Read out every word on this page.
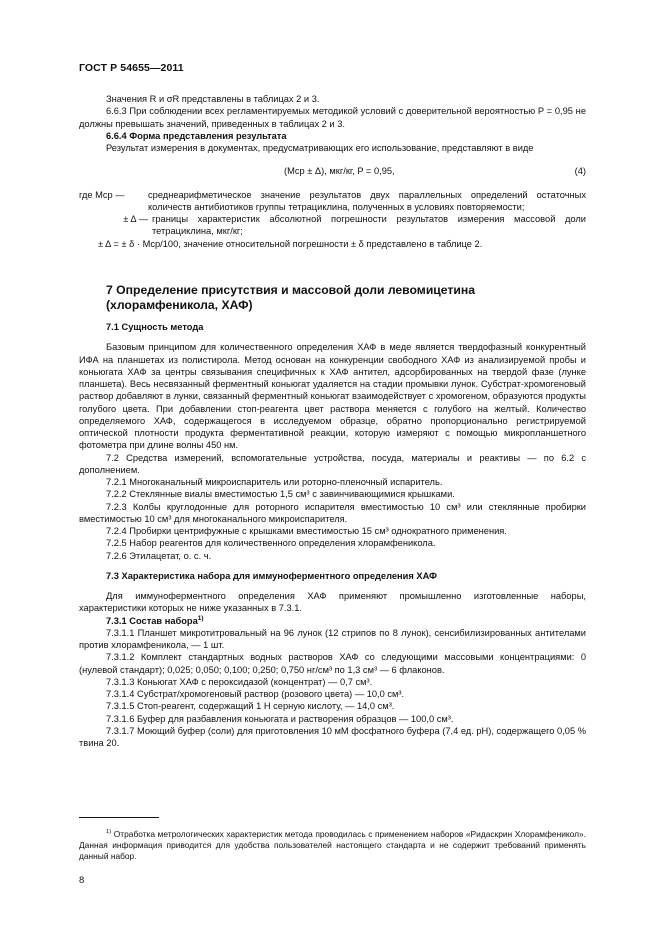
ГОСТ Р 54655—2011

Значения R и σR представлены в таблицах 2 и 3.

6.6.3 При соблюдении всех регламентируемых методикой условий с доверительной вероятностью P = 0,95 не должны превышать значений, приведенных в таблицах 2 и 3.

6.6.4 Форма представления результата

Результат измерения в документах, предусматривающих его использование, представляют в виде

(Mср ± Δ), мкг/кг, P = 0,95,	(4)
где Mср —	среднеарифметическое значение результатов двух параллельных определений остаточных количеств антибиотиков группы тетрациклина, полученных в условиях повторяемости;
± Δ — границы характеристик абсолютной погрешности результатов измерения массовой доли тетрациклина, мкг/кг;

± Δ = ± δ · Mср/100, значение относительной погрешности ± δ представлено в таблице 2.

7 Определение присутствия и массовой доли левомицетина

(хлорамфеникола, ХАФ)

7.1 Сущность метода

Базовым принципом для количественного определения ХАФ в меде является твердофазный конкурентный ИФА на планшетах из полистирола. Метод основан на конкуренции свободного ХАФ из анализируемой пробы и коньюгата ХАФ за центры связывания специфичных к ХАФ антител, адсорбированных на твердой фазе (лунке планшета). Весь несвязанный ферментный коньюгат удаляется на стадии промывки лунок. Субстрат-хромогеновый раствор добавляют в лунки, связанный ферментный коньюгат взаимодействует с хромогеном, образуются продукты голубого цвета. При добавлении стоп-реагента цвет раствора меняется с голубого на желтый. Количество определяемого ХАФ, содержащегося в исследуемом образце, обратно пропорционально регистрируемой оптической плотности продукта ферментативной реакции, которую измеряют с помощью микропланшетного фотометра при длине волны 450 нм.

7.2 Средства измерений, вспомогательные устройства, посуда, материалы и реактивы — по 6.2 с дополнением.

7.2.1 Многоканальный микроиспаритель или роторно-пленочный испаритель.

7.2.2 Стеклянные виалы вместимостью 1,5 см³ с завинчивающимися крышками.

7.2.3 Колбы круглодонные для роторного испарителя вместимостью 10 см³ или стеклянные пробирки вместимостью 10 см³ для многоканального микроиспарителя.

7.2.4 Пробирки центрифужные с крышками вместимостью 15 см³ однократного применения.

7.2.5 Набор реагентов для количественного определения хлорамфеникола.

7.2.6 Этилацетат, о. с. ч.

7.3 Характеристика набора для иммуноферментного определения ХАФ

Для иммуноферментного определения ХАФ применяют промышленно изготовленные наборы, характеристики которых не ниже указанных в 7.3.1.

7.3.1 Состав набора$^{1)}$

7.3.1.1 Планшет микротитровальный на 96 лунок (12 стрипов по 8 лунок), сенсибилизированных антителами против хлорамфеникола, — 1 шт.

7.3.1.2 Комплект стандартных водных растворов ХАФ со следующими массовыми концентрациями: 0 (нулевой стандарт); 0,025; 0,050; 0,100; 0,250; 0,750 нг/см³ по 1,3 см³ — 6 флаконов.

7.3.1.3 Коньюгат ХАФ с пероксидазой (концентрат) — 0,7 см³.

7.3.1.4 Субстрат/хромогеновый раствор (розового цвета) — 10,0 см³.

7.3.1.5 Стоп-реагент, содержащий 1 Н серную кислоту, — 14,0 см³.

7.3.1.6 Буфер для разбавления коньюгата и растворения образцов — 100,0 см³.

7.3.1.7 Моющий буфер (соли) для приготовления 10 мМ фосфатного буфера (7,4 ед. pH), содержащего 0,05 % твина 20.

$^{1)}$ Отработка метрологических характеристик метода проводилась с применением наборов «Ридаскрин Хлорамфеникол». Данная информация приводится для удобства пользователей настоящего стандарта и не содержит требований применять данный набор.

8
